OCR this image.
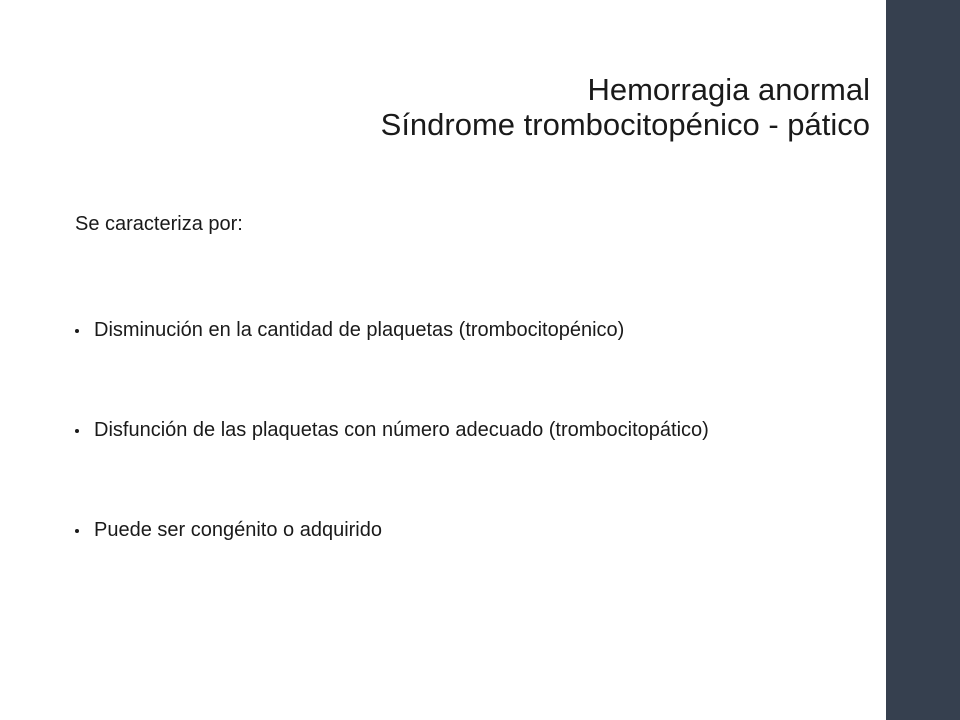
Hemorragia anormal
Síndrome trombocitopénico - pático

Se caracteriza por:

Disminución en la cantidad de plaquetas (trombocitopénico)
Disfunción de las plaquetas con número adecuado (trombocitopático)
Puede ser congénito o adquirido
